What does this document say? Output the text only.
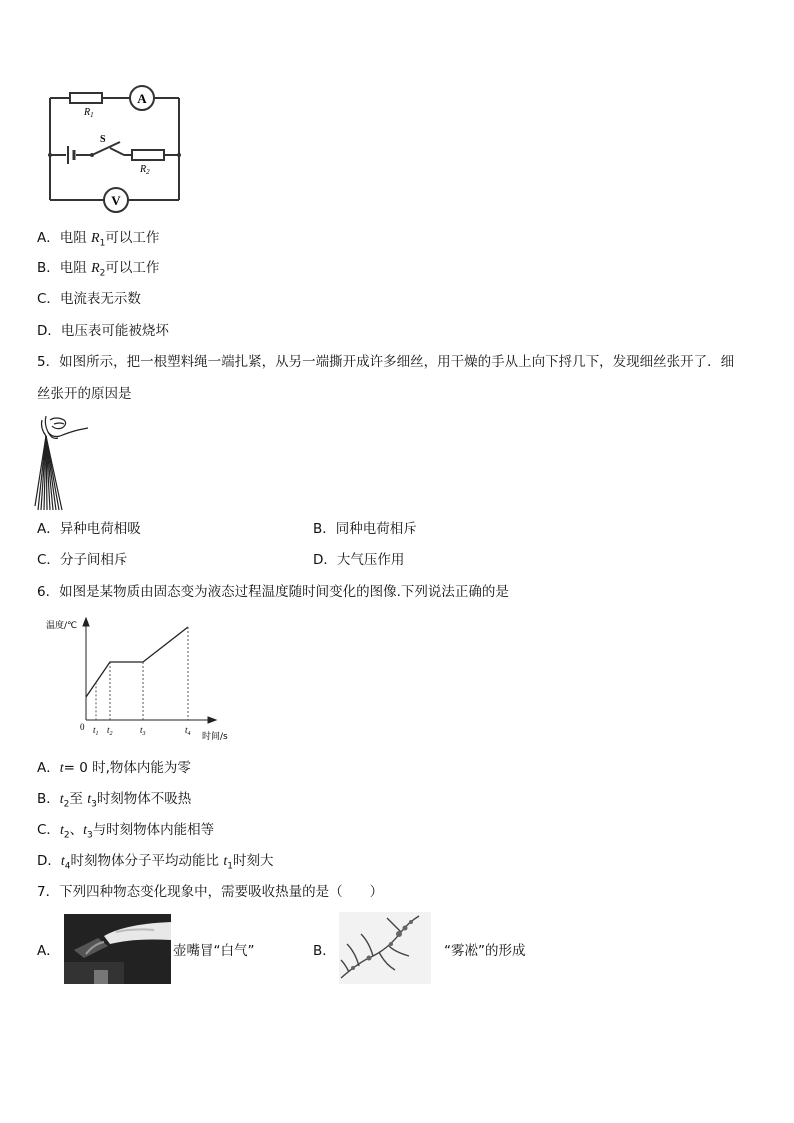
A
V
$R_1$
$R_2$
S
A．电阻 $R_1$可以工作
B．电阻 $R_2$可以工作
C．电流表无示数
D．电压表可能被烧坏
5．如图所示，把一根塑料绳一端扎紧，从另一端撕开成许多细丝，用干燥的手从上向下捋几下，发现细丝张开了．细
丝张开的原因是
A．异种电荷相吸	B．同种电荷相斥
C．分子间相斥	D．大气压作用
6．如图是某物质由固态变为液态过程温度随时间变化的图像.下列说法正确的是
温度/℃
时间/s
0 $t_1$ $t_2$	$t_3$	$t_4$
A．t= 0 时,物体内能为零
B．$t_2$至 $t_3$时刻物体不吸热
C．$t_2$、$t_3$与时刻物体内能相等
D．$t_4$时刻物体分子平均动能比 $t_1$时刻大
7．下列四种物态变化现象中，需要吸收热量的是（　　）
A．	壶嘴冒“白气”	B．	“雾凇”的形成
